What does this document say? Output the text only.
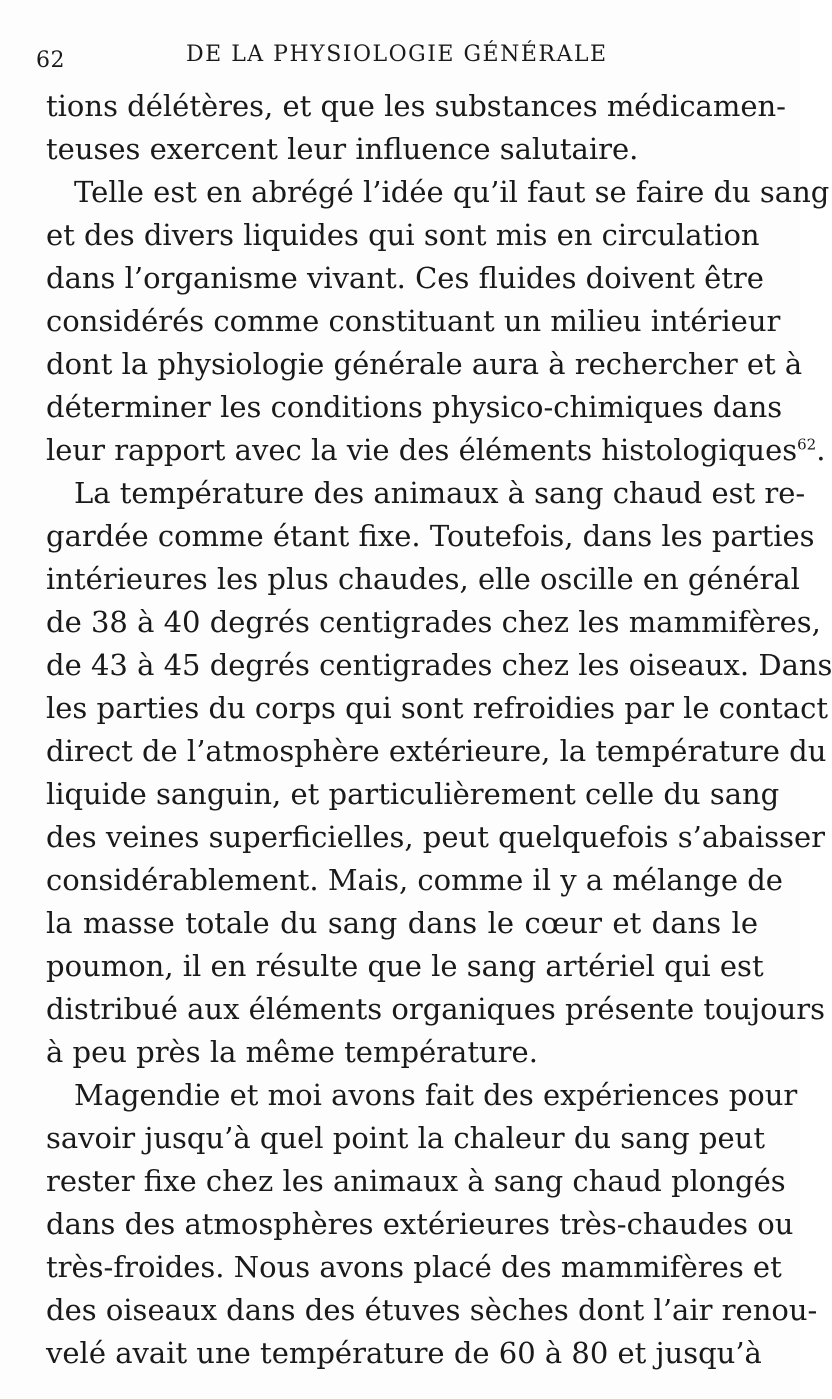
62	DE LA PHYSIOLOGIE GÉNÉRALE
tions délétères, et que les substances médicamen-
teuses exercent leur influence salutaire.
Telle est en abrégé l’idée qu’il faut se faire du sang
et des divers liquides qui sont mis en circulation
dans l’organisme vivant. Ces fluides doivent être
considérés comme constituant un milieu intérieur
dont la physiologie générale aura à rechercher et à
déterminer les conditions physico-chimiques dans
leur rapport avec la vie des éléments histologiques$^{62}$.
La température des animaux à sang chaud est re-
gardée comme étant fixe. Toutefois, dans les parties
intérieures les plus chaudes, elle oscille en général
de 38 à 40 degrés centigrades chez les mammifères,
de 43 à 45 degrés centigrades chez les oiseaux. Dans
les parties du corps qui sont refroidies par le contact
direct de l’atmosphère extérieure, la température du
liquide sanguin, et particulièrement celle du sang
des veines superficielles, peut quelquefois s’abaisser
considérablement. Mais, comme il y a mélange de
la masse totale du sang dans le cœur et dans le
poumon, il en résulte que le sang artériel qui est
distribué aux éléments organiques présente toujours
à peu près la même température.
Magendie et moi avons fait des expériences pour
savoir jusqu’à quel point la chaleur du sang peut
rester fixe chez les animaux à sang chaud plongés
dans des atmosphères extérieures très-chaudes ou
très-froides. Nous avons placé des mammifères et
des oiseaux dans des étuves sèches dont l’air renou-
velé avait une température de 60 à 80 et jusqu’à
